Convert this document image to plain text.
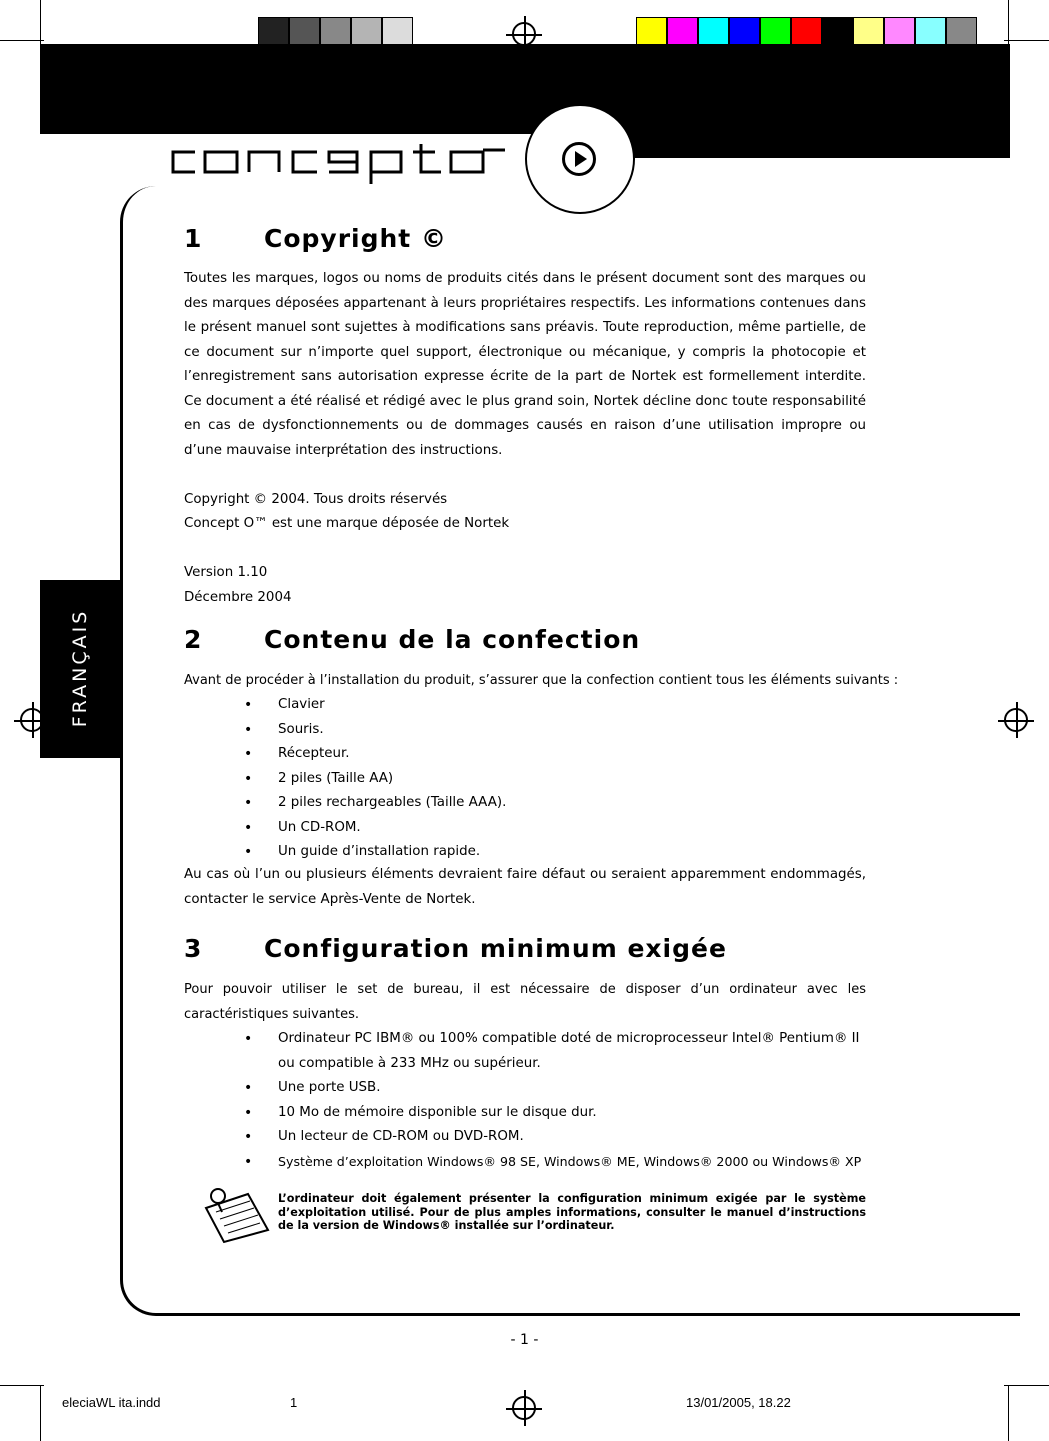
FRANÇAIS
1 Copyright ©
Toutes les marques, logos ou noms de produits cités dans le présent document sont des marques ou des marques déposées appartenant à leurs propriétaires respectifs. Les informations contenues dans le présent manuel sont sujettes à modifications sans préavis. Toute reproduction, même partielle, de ce document sur n’importe quel support, électronique ou mécanique, y compris la photocopie et l’enregistrement sans autorisation expresse écrite de la part de Nortek est formellement interdite. Ce document a été réalisé et rédigé avec le plus grand soin, Nortek décline donc toute responsabilité en cas de dysfonctionnements ou de dommages causés en raison d’une utilisation impropre ou d’une mauvaise interprétation des instructions.
Copyright © 2004. Tous droits réservés
Concept O™ est une marque déposée de Nortek
Version 1.10
Décembre 2004
2 Contenu de la confection
Avant de procéder à l’installation du produit, s’assurer que la confection contient tous les éléments suivants :
• Clavier
• Souris.
• Récepteur.
• 2 piles (Taille AA)
• 2 piles rechargeables (Taille AAA).
• Un CD-ROM.
• Un guide d’installation rapide.
Au cas où l’un ou plusieurs éléments devraient faire défaut ou seraient apparemment endommagés, contacter le service Après-Vente de Nortek.
3 Configuration minimum exigée
Pour pouvoir utiliser le set de bureau, il est nécessaire de disposer d’un ordinateur avec les caractéristiques suivantes.
• Ordinateur PC IBM® ou 100% compatible doté de microprocesseur Intel® Pentium® II ou compatible à 233 MHz ou supérieur.
• Une porte USB.
• 10 Mo de mémoire disponible sur le disque dur.
• Un lecteur de CD-ROM ou DVD-ROM.
• Système d’exploitation Windows® 98 SE, Windows® ME, Windows® 2000 ou Windows® XP
L’ordinateur doit également présenter la configuration minimum exigée par le système d’exploitation utilisé. Pour de plus amples informations, consulter le manuel d’instructions de la version de Windows® installée sur l’ordinateur.
- 1 -
eleciaWL ita.indd	1	13/01/2005, 18.22
